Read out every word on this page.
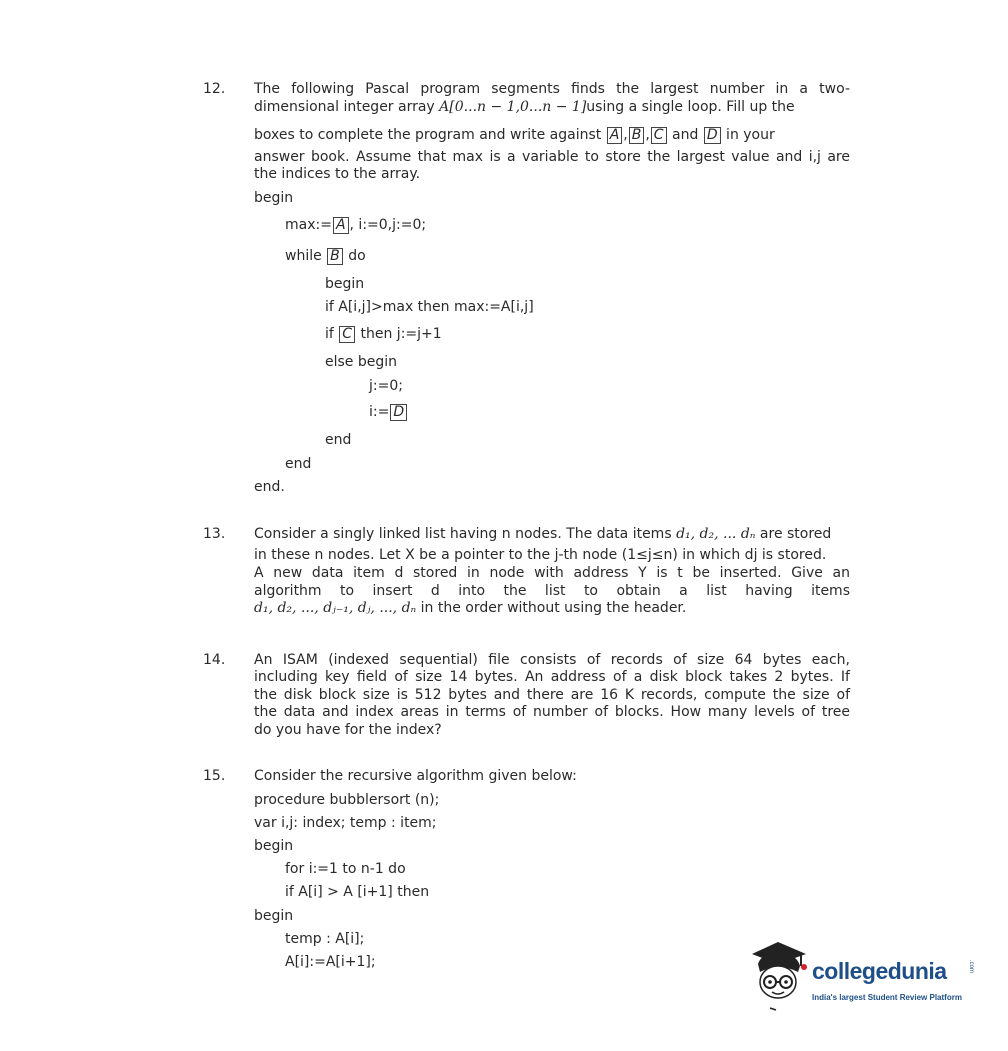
12. The following Pascal program segments finds the largest number in a two-
dimensional integer array A[0...n − 1,0...n − 1]using a single loop. Fill up the
boxes to complete the program and write against A , B , C and D in your
answer book. Assume that max is a variable to store the largest value and i,j are
the indices to the array.
begin
max:= A , i:=0,j:=0;
while B do
begin
if A[i,j]>max then max:=A[i,j]
if C then j:=j+1
else begin
j:=0;
i:= D
end
end
end.
13. Consider a singly linked list having n nodes. The data items d₁, d₂, ... dₙ are stored
in these n nodes. Let X be a pointer to the j-th node (1≤j≤n) in which dj is stored.
A new data item d stored in node with address Y is t be inserted. Give an
algorithm to insert d into the list to obtain a list having items
d₁, d₂, ..., dⱼ₋₁, dⱼ, ..., dₙ in the order without using the header.
14. An ISAM (indexed sequential) file consists of records of size 64 bytes each,
including key field of size 14 bytes. An address of a disk block takes 2 bytes. If
the disk block size is 512 bytes and there are 16 K records, compute the size of
the data and index areas in terms of number of blocks. How many levels of tree
do you have for the index?
15. Consider the recursive algorithm given below:
procedure bubblersort (n);
var i,j: index; temp : item;
begin
for i:=1 to n-1 do
if A[i] > A [i+1] then
begin
temp : A[i];
A[i]:=A[i+1];	collegedunia	.com
India's largest Student Review Platform
